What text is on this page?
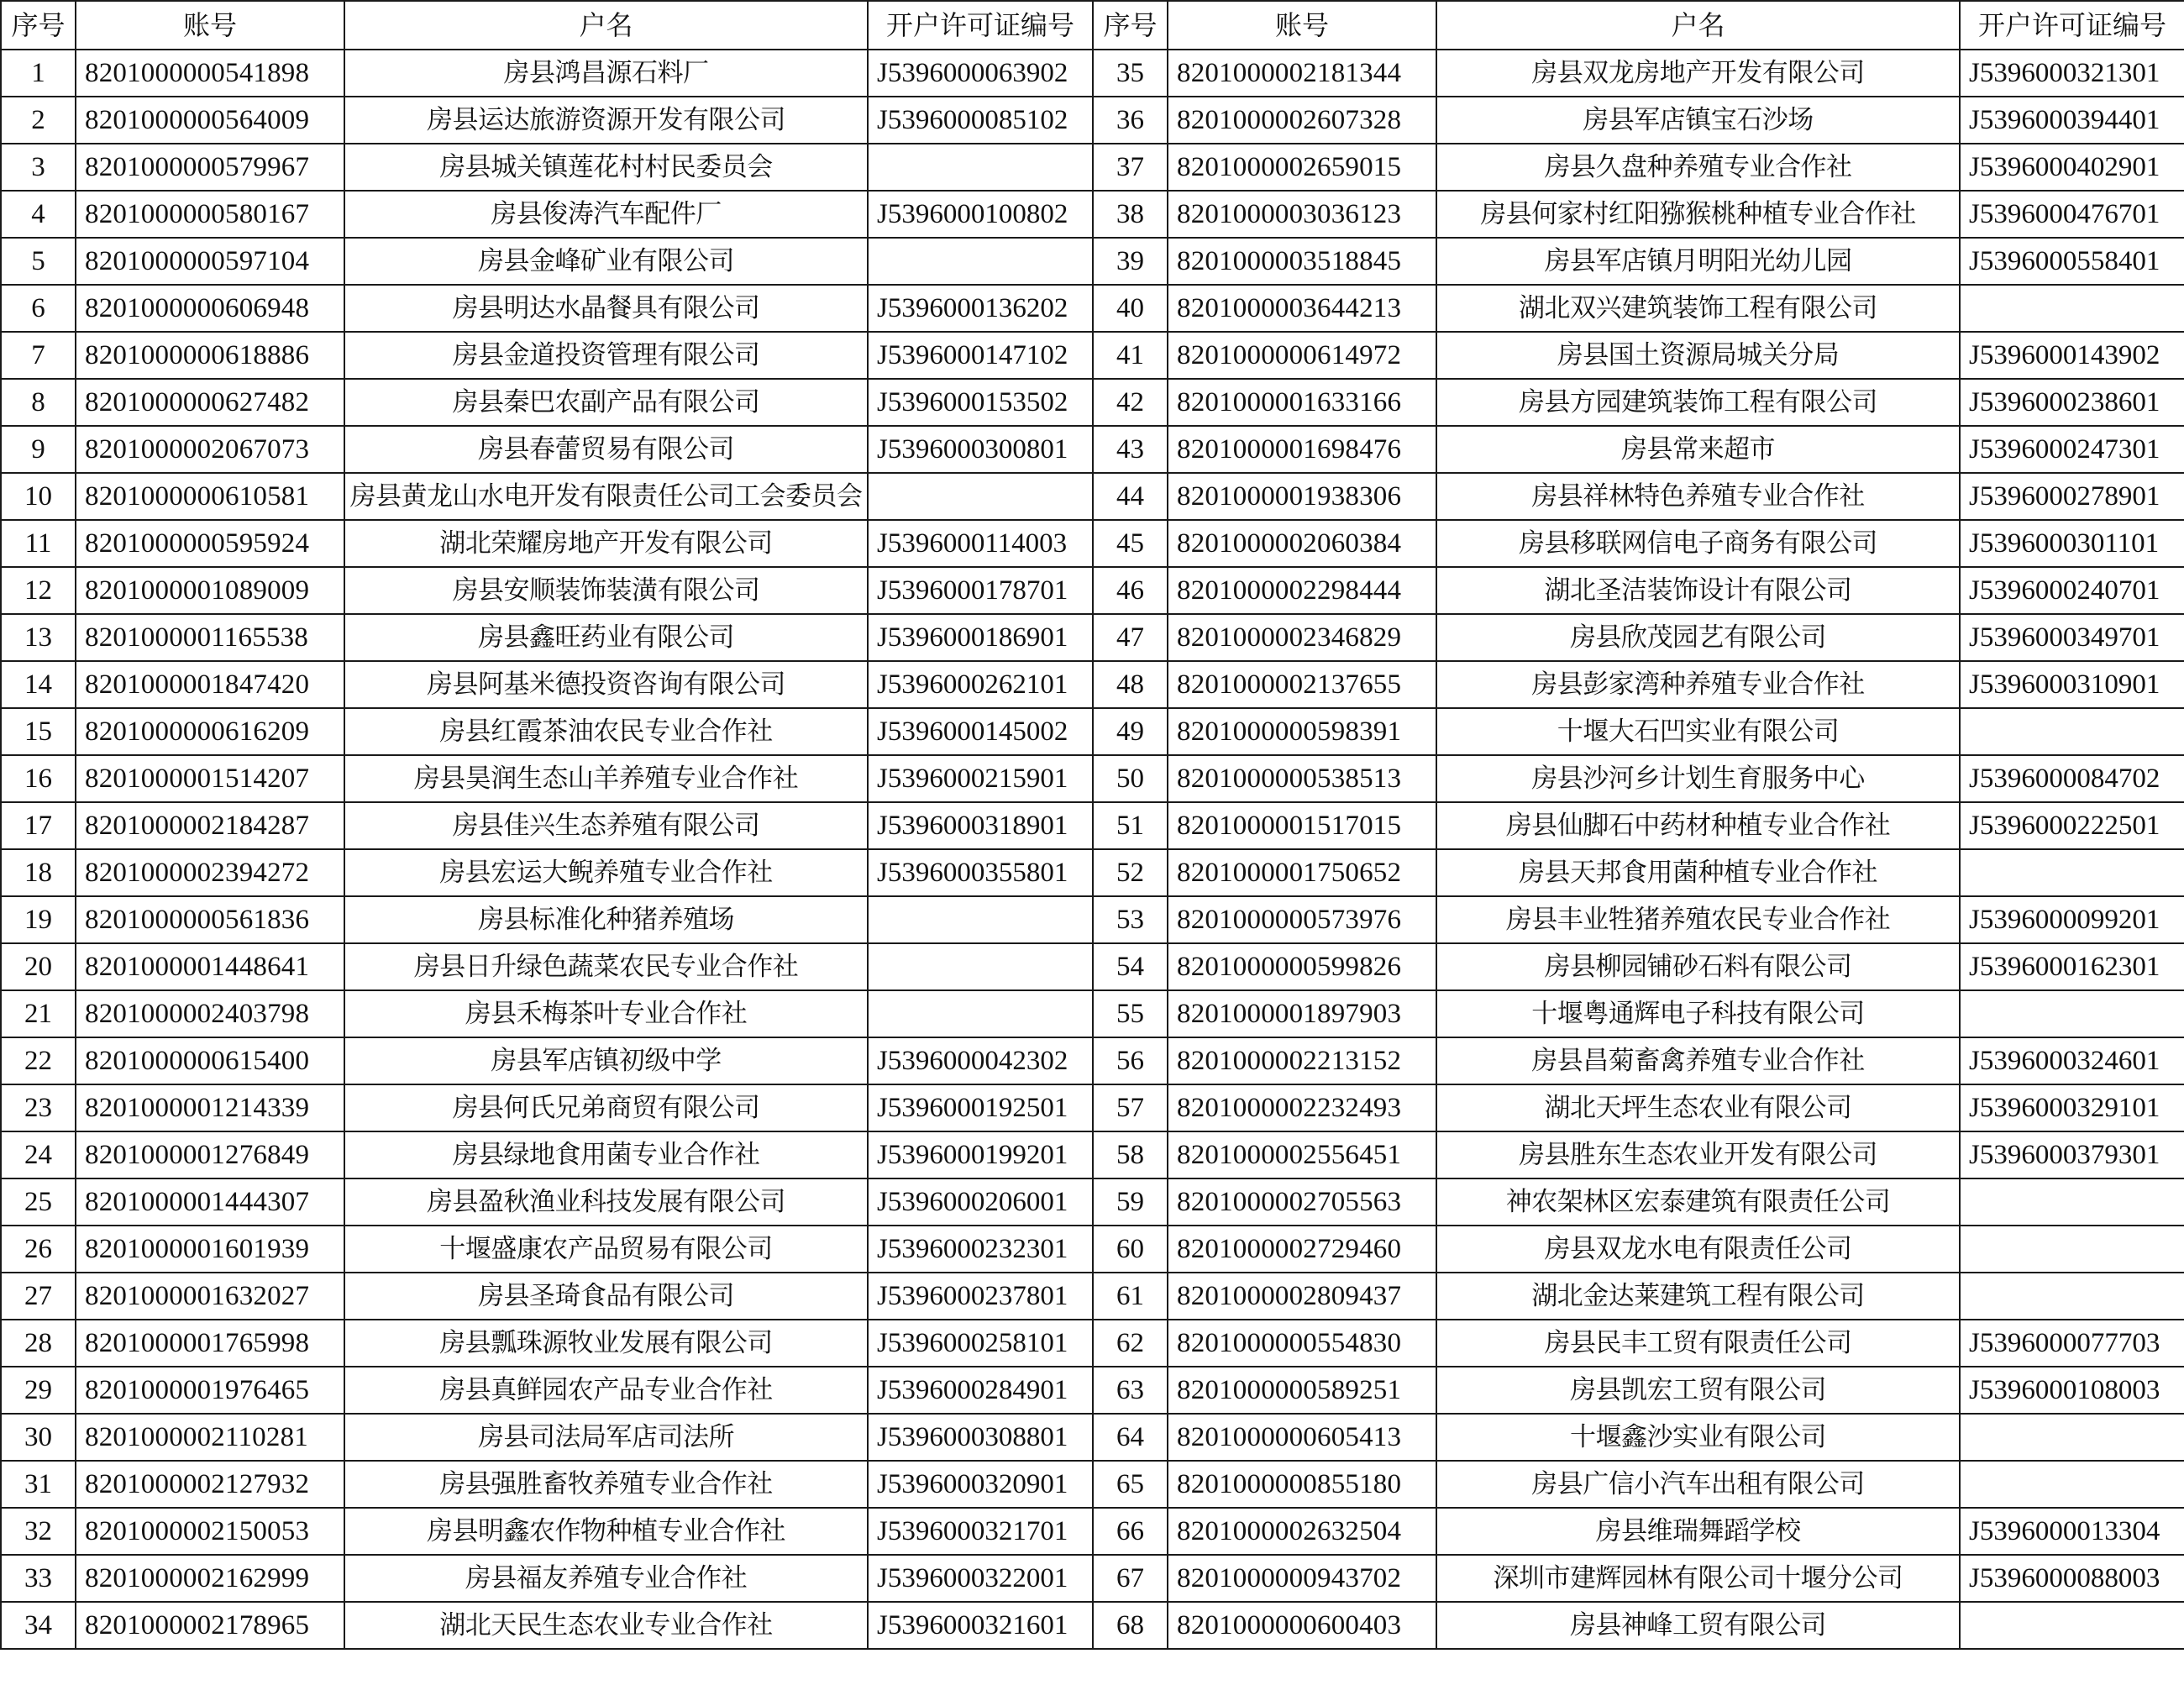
序号	账号	户名	开户许可证编号	序号	账号	户名	开户许可证编号
1	8201000000541898	房县鸿昌源石料厂	J5396000063902	35	8201000002181344	房县双龙房地产开发有限公司	J5396000321301
2	8201000000564009	房县运达旅游资源开发有限公司	J5396000085102	36	8201000002607328	房县军店镇宝石沙场	J5396000394401
3	8201000000579967	房县城关镇莲花村村民委员会		37	8201000002659015	房县久盘种养殖专业合作社	J5396000402901
4	8201000000580167	房县俊涛汽车配件厂	J5396000100802	38	8201000003036123	房县何家村红阳猕猴桃种植专业合作社	J5396000476701
5	8201000000597104	房县金峰矿业有限公司		39	8201000003518845	房县军店镇月明阳光幼儿园	J5396000558401
6	8201000000606948	房县明达水晶餐具有限公司	J5396000136202	40	8201000003644213	湖北双兴建筑装饰工程有限公司	
7	8201000000618886	房县金道投资管理有限公司	J5396000147102	41	8201000000614972	房县国土资源局城关分局	J5396000143902
8	8201000000627482	房县秦巴农副产品有限公司	J5396000153502	42	8201000001633166	房县方园建筑装饰工程有限公司	J5396000238601
9	8201000002067073	房县春蕾贸易有限公司	J5396000300801	43	8201000001698476	房县常来超市	J5396000247301
10	8201000000610581	房县黄龙山水电开发有限责任公司工会委员会		44	8201000001938306	房县祥林特色养殖专业合作社	J5396000278901
11	8201000000595924	湖北荣耀房地产开发有限公司	J5396000114003	45	8201000002060384	房县移联网信电子商务有限公司	J5396000301101
12	8201000001089009	房县安顺装饰装潢有限公司	J5396000178701	46	8201000002298444	湖北圣洁装饰设计有限公司	J5396000240701
13	8201000001165538	房县鑫旺药业有限公司	J5396000186901	47	8201000002346829	房县欣茂园艺有限公司	J5396000349701
14	8201000001847420	房县阿基米德投资咨询有限公司	J5396000262101	48	8201000002137655	房县彭家湾种养殖专业合作社	J5396000310901
15	8201000000616209	房县红霞茶油农民专业合作社	J5396000145002	49	8201000000598391	十堰大石凹实业有限公司	
16	8201000001514207	房县昊润生态山羊养殖专业合作社	J5396000215901	50	8201000000538513	房县沙河乡计划生育服务中心	J5396000084702
17	8201000002184287	房县佳兴生态养殖有限公司	J5396000318901	51	8201000001517015	房县仙脚石中药材种植专业合作社	J5396000222501
18	8201000002394272	房县宏运大鲵养殖专业合作社	J5396000355801	52	8201000001750652	房县天邦食用菌种植专业合作社	
19	8201000000561836	房县标准化种猪养殖场		53	8201000000573976	房县丰业牲猪养殖农民专业合作社	J5396000099201
20	8201000001448641	房县日升绿色蔬菜农民专业合作社		54	8201000000599826	房县柳园铺砂石料有限公司	J5396000162301
21	8201000002403798	房县禾梅茶叶专业合作社		55	8201000001897903	十堰粤通辉电子科技有限公司	
22	8201000000615400	房县军店镇初级中学	J5396000042302	56	8201000002213152	房县昌菊畜禽养殖专业合作社	J5396000324601
23	8201000001214339	房县何氏兄弟商贸有限公司	J5396000192501	57	8201000002232493	湖北天坪生态农业有限公司	J5396000329101
24	8201000001276849	房县绿地食用菌专业合作社	J5396000199201	58	8201000002556451	房县胜东生态农业开发有限公司	J5396000379301
25	8201000001444307	房县盈秋渔业科技发展有限公司	J5396000206001	59	8201000002705563	神农架林区宏泰建筑有限责任公司	
26	8201000001601939	十堰盛康农产品贸易有限公司	J5396000232301	60	8201000002729460	房县双龙水电有限责任公司	
27	8201000001632027	房县圣琦食品有限公司	J5396000237801	61	8201000002809437	湖北金达莱建筑工程有限公司	
28	8201000001765998	房县瓢珠源牧业发展有限公司	J5396000258101	62	8201000000554830	房县民丰工贸有限责任公司	J5396000077703
29	8201000001976465	房县真鲜园农产品专业合作社	J5396000284901	63	8201000000589251	房县凯宏工贸有限公司	J5396000108003
30	8201000002110281	房县司法局军店司法所	J5396000308801	64	8201000000605413	十堰鑫沙实业有限公司	
31	8201000002127932	房县强胜畜牧养殖专业合作社	J5396000320901	65	8201000000855180	房县广信小汽车出租有限公司	
32	8201000002150053	房县明鑫农作物种植专业合作社	J5396000321701	66	8201000002632504	房县维瑞舞蹈学校	J5396000013304
33	8201000002162999	房县福友养殖专业合作社	J5396000322001	67	8201000000943702	深圳市建辉园林有限公司十堰分公司	J5396000088003
34	8201000002178965	湖北天民生态农业专业合作社	J5396000321601	68	8201000000600403	房县神峰工贸有限公司	
